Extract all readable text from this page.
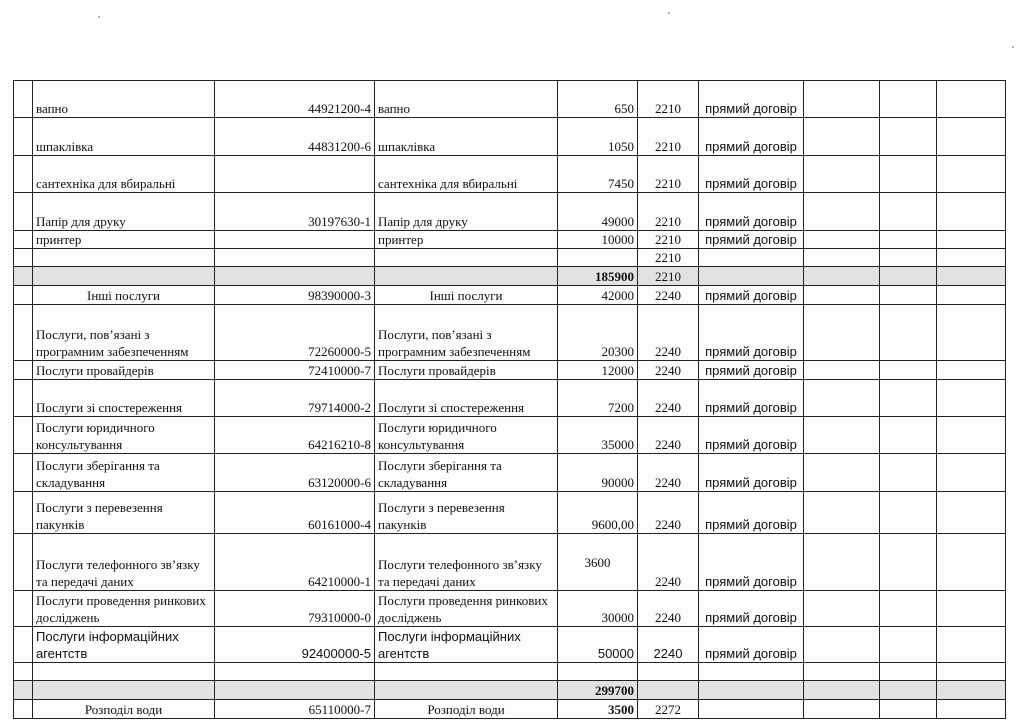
	вапно	44921200-4	вапно	650	2210	прямий договір			
	шпаклівка	44831200-6	шпаклівка	1050	2210	прямий договір			
	сантехніка для вбиральні		сантехніка для вбиральні	7450	2210	прямий договір			
	Папір для друку	30197630-1	Папір для друку	49000	2210	прямий договір			
	принтер		принтер	10000	2210	прямий договір			
					2210				
				185900	2210				
	Інші послуги	98390000-3	Інші послуги	42000	2240	прямий договір			
	Послуги, пов’язані з програмним забезпеченням	72260000-5	Послуги, пов’язані з програмним забезпеченням	20300	2240	прямий договір			
	Послуги провайдерів	72410000-7	Послуги провайдерів	12000	2240	прямий договір			
	Послуги зі спостереження	79714000-2	Послуги зі спостереження	7200	2240	прямий договір			
	Послуги юридичного консультування	64216210-8	Послуги юридичного консультування	35000	2240	прямий договір			
	Послуги зберігання та складування	63120000-6	Послуги зберігання та складування	90000	2240	прямий договір			
	Послуги з перевезення пакунків	60161000-4	Послуги з перевезення пакунків	9600,00	2240	прямий договір			
	Послуги телефонного зв’язку та передачі даних	64210000-1	Послуги телефонного зв’язку та передачі даних	3600	2240	прямий договір			
	Послуги проведення ринкових досліджень	79310000-0	Послуги проведення ринкових досліджень	30000	2240	прямий договір			
	Послуги інформаційних агентств	92400000-5	Послуги інформаційних агентств	50000	2240	прямий договір			

				299700					
	Розподіл води	65110000-7	Розподіл води	3500	2272				
